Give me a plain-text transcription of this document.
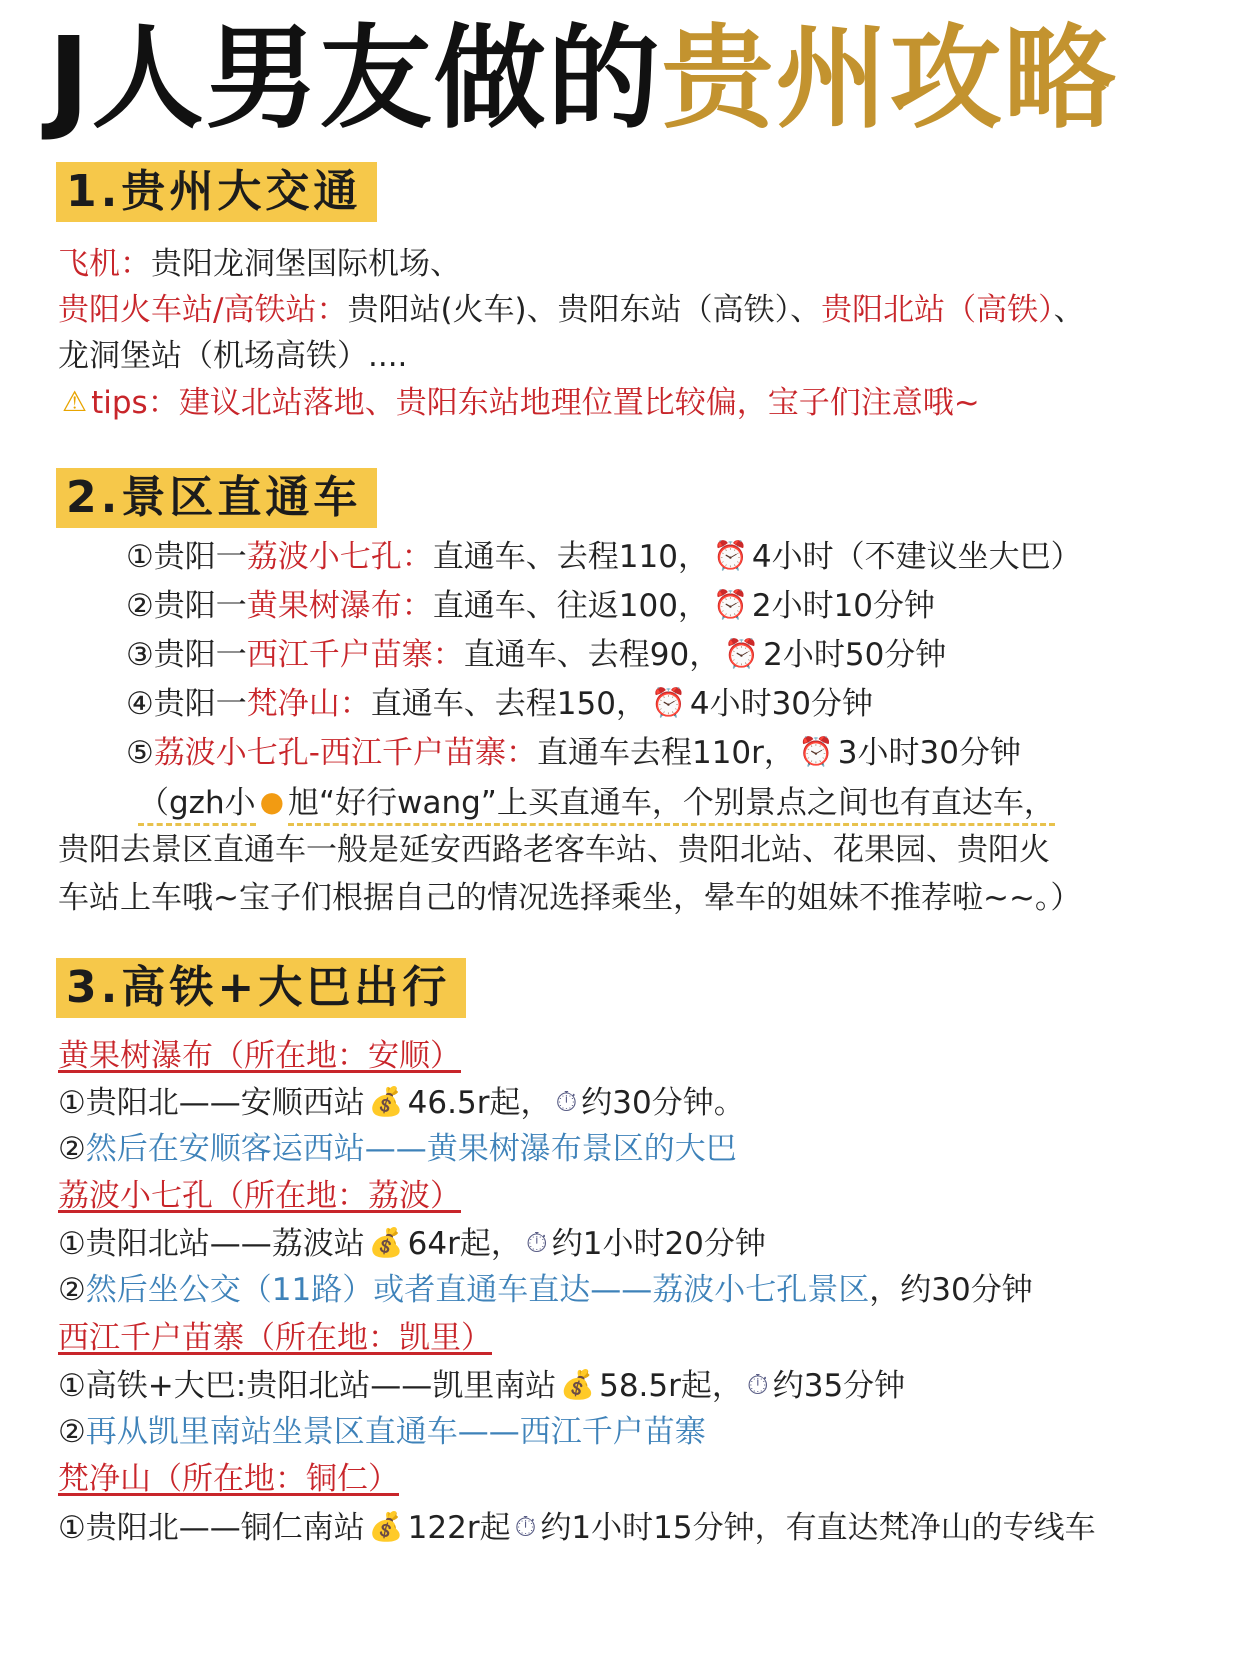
J人男友做的贵州攻略
1.贵州大交通
飞机：贵阳龙洞堡国际机场、
贵阳火车站/高铁站：贵阳站(火车)、贵阳东站（高铁）、贵阳北站（高铁）、
龙洞堡站（机场高铁）....
⚠ tips：建议北站落地、贵阳东站地理位置比较偏，宝子们注意哦~
2.景区直通车
①贵阳一荔波小七孔：直通车、去程110， ⏰ 4小时（不建议坐大巴）
②贵阳一黄果树瀑布：直通车、往返100， ⏰ 2小时10分钟
③贵阳一西江千户苗寨：直通车、去程90， ⏰ 2小时50分钟
④贵阳一梵净山：直通车、去程150， ⏰ 4小时30分钟
⑤荔波小七孔-西江千户苗寨：直通车去程110r， ⏰ 3小时30分钟
（gzh小 ● 旭“好行wang”上买直通车，个别景点之间也有直达车，
贵阳去景区直通车一般是延安西路老客车站、贵阳北站、花果园、贵阳火
车站上车哦~宝子们根据自己的情况选择乘坐，晕车的姐妹不推荐啦~~。）
3.高铁+大巴出行
黄果树瀑布（所在地：安顺）
①贵阳北——安顺西站 💰 46.5r起， ⏱ 约30分钟。
②然后在安顺客运西站——黄果树瀑布景区的大巴
荔波小七孔（所在地：荔波）
①贵阳北站——荔波站 💰 64r起， ⏱ 约1小时20分钟
②然后坐公交（11路）或者直通车直达——荔波小七孔景区，约30分钟
西江千户苗寨（所在地：凯里）
①高铁+大巴:贵阳北站——凯里南站 💰 58.5r起， ⏱ 约35分钟
②再从凯里南站坐景区直通车——西江千户苗寨
梵净山（所在地：铜仁）
①贵阳北——铜仁南站 💰 122r起 ⏱ 约1小时15分钟，有直达梵净山的专线车
